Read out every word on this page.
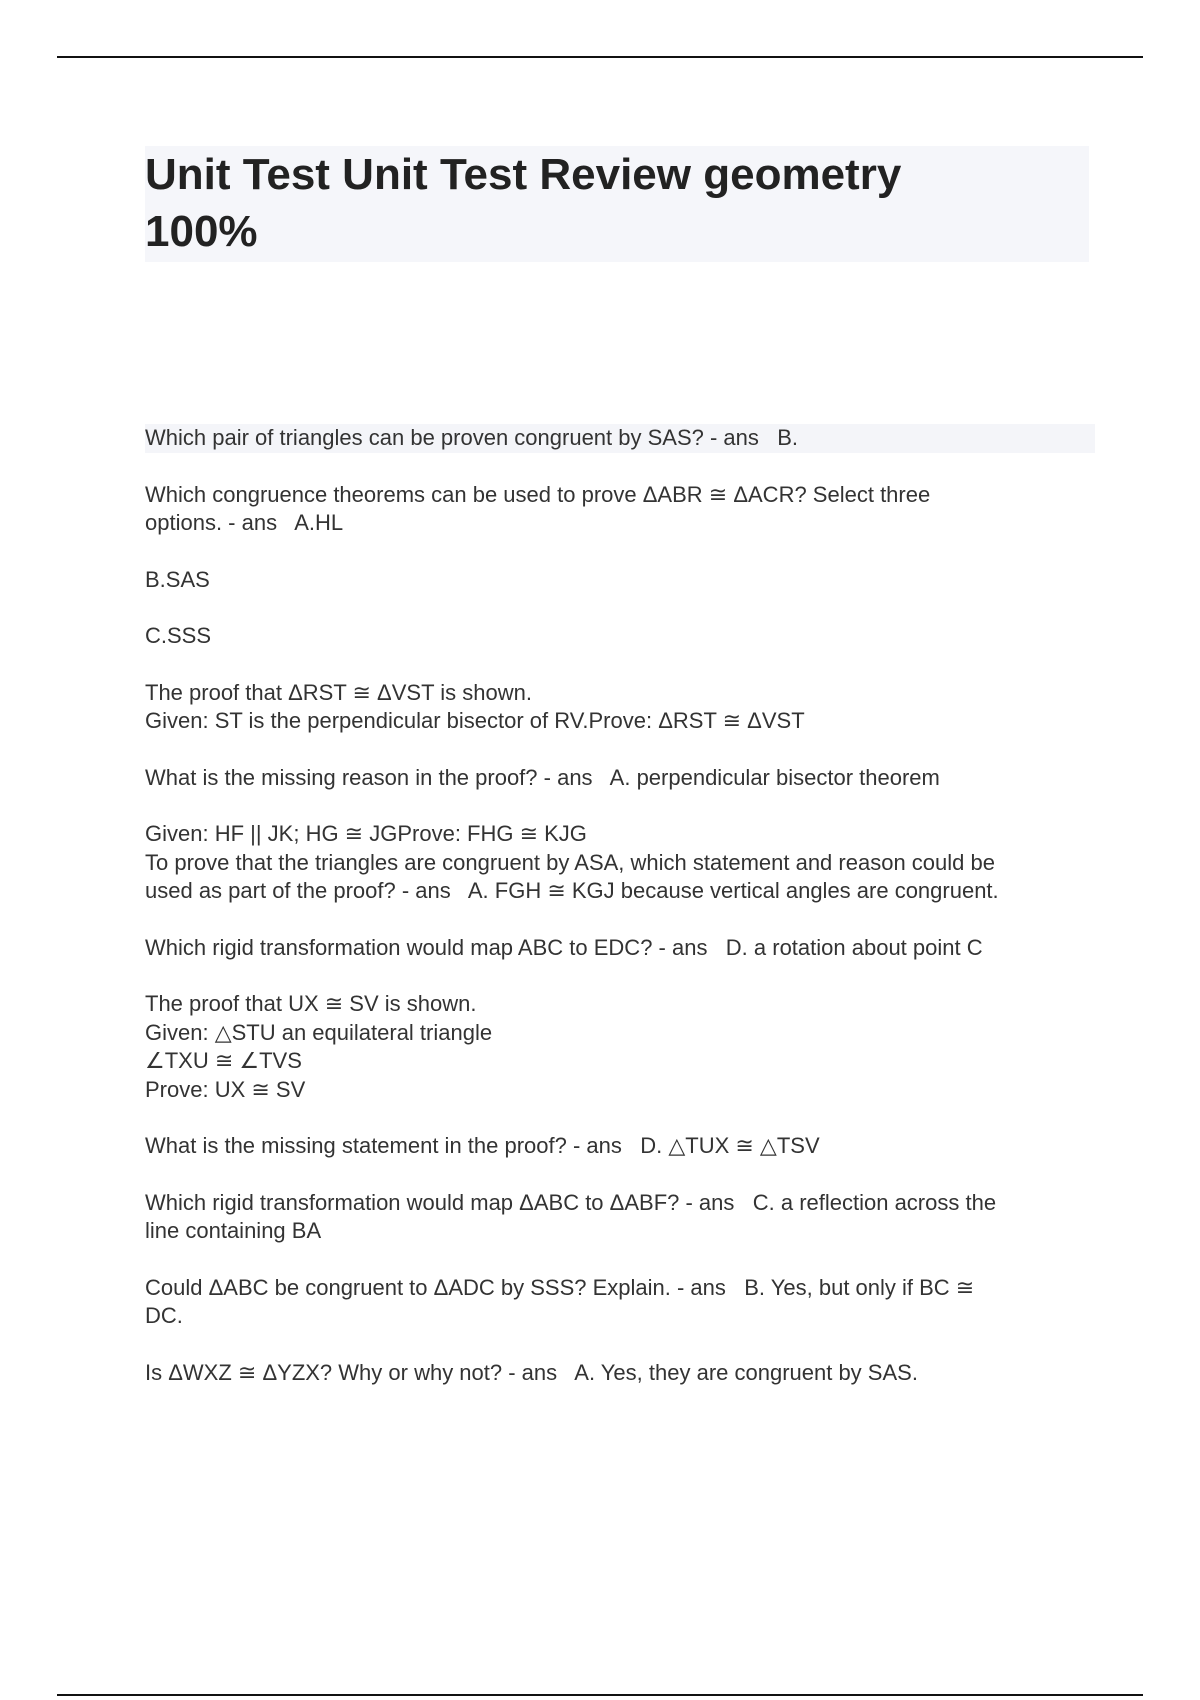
Unit Test Unit Test Review geometry
100%

Which pair of triangles can be proven congruent by SAS? - ans   B.

Which congruence theorems can be used to prove ΔABR ≅ ΔACR? Select three
options. - ans   A.HL

B.SAS

C.SSS

The proof that ΔRST ≅ ΔVST is shown.
Given: ST is the perpendicular bisector of RV.Prove: ΔRST ≅ ΔVST

What is the missing reason in the proof? - ans   A. perpendicular bisector theorem

Given: HF || JK; HG ≅ JGProve: FHG ≅ KJG
To prove that the triangles are congruent by ASA, which statement and reason could be
used as part of the proof? - ans   A. FGH ≅ KGJ because vertical angles are congruent.

Which rigid transformation would map ABC to EDC? - ans   D. a rotation about point C

The proof that UX ≅ SV is shown.
Given: △STU an equilateral triangle
∠TXU ≅ ∠TVS
Prove: UX ≅ SV

What is the missing statement in the proof? - ans   D. △TUX ≅ △TSV

Which rigid transformation would map ΔABC to ΔABF? - ans   C. a reflection across the
line containing BA

Could ΔABC be congruent to ΔADC by SSS? Explain. - ans   B. Yes, but only if BC ≅
DC.

Is ΔWXZ ≅ ΔYZX? Why or why not? - ans   A. Yes, they are congruent by SAS.
